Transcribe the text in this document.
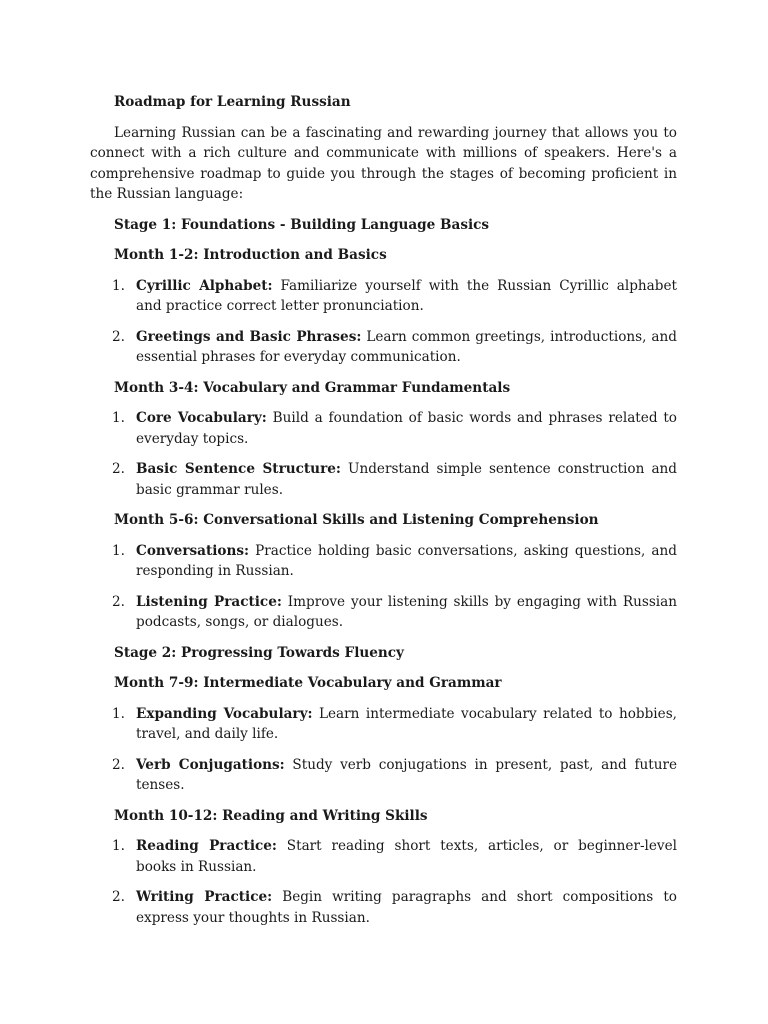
Roadmap for Learning Russian

Learning Russian can be a fascinating and rewarding journey that allows you to connect with a rich culture and communicate with millions of speakers. Here's a comprehensive roadmap to guide you through the stages of becoming proficient in the Russian language:

Stage 1: Foundations - Building Language Basics
Month 1-2: Introduction and Basics
1. Cyrillic Alphabet: Familiarize yourself with the Russian Cyrillic alphabet and practice correct letter pronunciation.
2. Greetings and Basic Phrases: Learn common greetings, introductions, and essential phrases for everyday communication.
Month 3-4: Vocabulary and Grammar Fundamentals
1. Core Vocabulary: Build a foundation of basic words and phrases related to everyday topics.
2. Basic Sentence Structure: Understand simple sentence construction and basic grammar rules.
Month 5-6: Conversational Skills and Listening Comprehension
1. Conversations: Practice holding basic conversations, asking questions, and responding in Russian.
2. Listening Practice: Improve your listening skills by engaging with Russian podcasts, songs, or dialogues.
Stage 2: Progressing Towards Fluency
Month 7-9: Intermediate Vocabulary and Grammar
1. Expanding Vocabulary: Learn intermediate vocabulary related to hobbies, travel, and daily life.
2. Verb Conjugations: Study verb conjugations in present, past, and future tenses.
Month 10-12: Reading and Writing Skills
1. Reading Practice: Start reading short texts, articles, or beginner-level books in Russian.
2. Writing Practice: Begin writing paragraphs and short compositions to express your thoughts in Russian.
